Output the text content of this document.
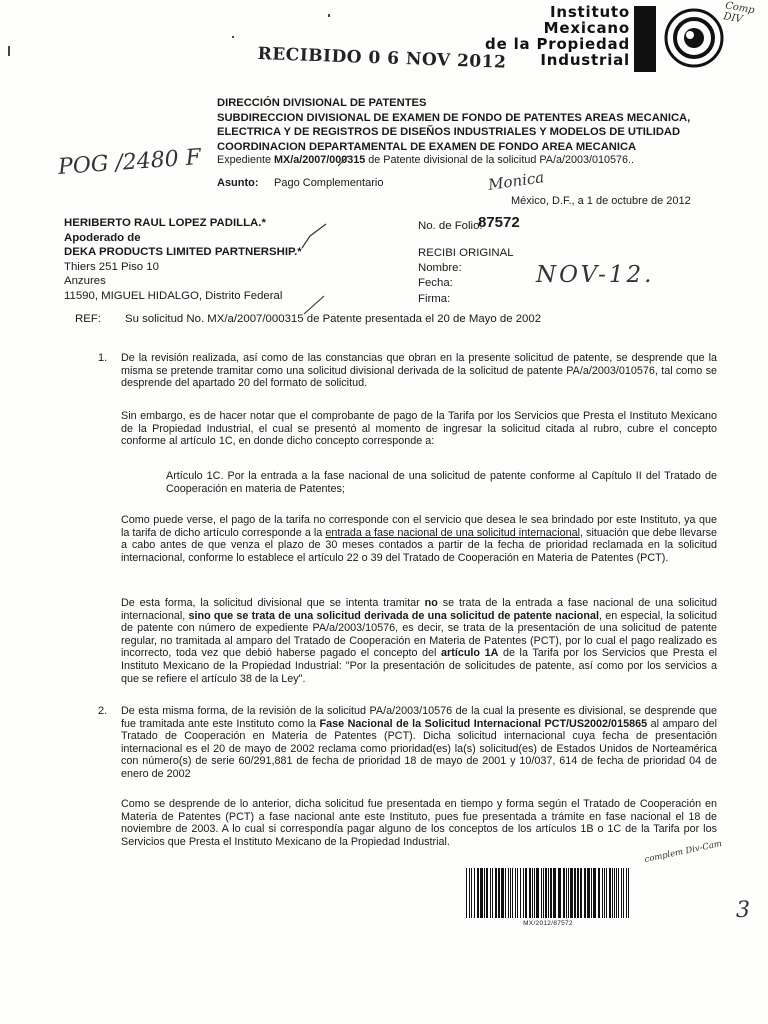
Instituto
Mexicano
de la Propiedad
Industrial
RECIBIDO 0 6 NOV 2012
DIRECCIÓN DIVISIONAL DE PATENTES
SUBDIRECCION DIVISIONAL DE EXAMEN DE FONDO DE PATENTES AREAS MECANICA,
ELECTRICA Y DE REGISTROS DE DISEÑOS INDUSTRIALES Y MODELOS DE UTILIDAD
COORDINACION DEPARTAMENTAL DE EXAMEN DE FONDO AREA MECANICA
Expediente MX/a/2007/000315 de Patente divisional de la solicitud PA/a/2003/010576..
Asunto: Pago Complementario
México, D.F., a 1 de octubre de 2012
HERIBERTO RAUL LOPEZ PADILLA.*
Apoderado de
DEKA PRODUCTS LIMITED PARTNERSHIP.*
Thiers 251 Piso 10
Anzures
11590, MIGUEL HIDALGO, Distrito Federal
No. de Folio:
87572
RECIBI ORIGINAL
Nombre:
Fecha:
Firma:
REF: Su solicitud No. MX/a/2007/000315 de Patente presentada el 20 de Mayo de 2002
1. De la revisión realizada, así como de las constancias que obran en la presente solicitud de patente, se desprende que la misma se pretende tramitar como una solicitud divisional derivada de la solicitud de patente PA/a/2003/010576, tal como se desprende del apartado 20 del formato de solicitud.
Sin embargo, es de hacer notar que el comprobante de pago de la Tarifa por los Servicios que Presta el Instituto Mexicano de la Propiedad Industrial, el cual se presentó al momento de ingresar la solicitud citada al rubro, cubre el concepto conforme al artículo 1C, en donde dicho concepto corresponde a:
Artículo 1C. Por la entrada a la fase nacional de una solicitud de patente conforme al Capítulo II del Tratado de Cooperación en materia de Patentes;
Como puede verse, el pago de la tarifa no corresponde con el servicio que desea le sea brindado por este Instituto, ya que la tarifa de dicho artículo corresponde a la entrada a fase nacional de una solicitud internacional, situación que debe llevarse a cabo antes de que venza el plazo de 30 meses contados a partir de la fecha de prioridad reclamada en la solicitud internacional, conforme lo establece el artículo 22 o 39 del Tratado de Cooperación en Materia de Patentes (PCT).
De esta forma, la solicitud divisional que se intenta tramitar no se trata de la entrada a fase nacional de una solicitud internacional, sino que se trata de una solicitud derivada de una solicitud de patente nacional, en especial, la solicitud de patente con número de expediente PA/a/2003/10576, es decir, se trata de la presentación de una solicitud de patente regular, no tramitada al amparo del Tratado de Cooperación en Materia de Patentes (PCT), por lo cual el pago realizado es incorrecto, toda vez que debió haberse pagado el concepto del artículo 1A de la Tarifa por los Servicios que Presta el Instituto Mexicano de la Propiedad Industrial: "Por la presentación de solicitudes de patente, así como por los servicios a que se refiere el artículo 38 de la Ley".
2. De esta misma forma, de la revisión de la solicitud PA/a/2003/10576 de la cual la presente es divisional, se desprende que fue tramitada ante este Instituto como la Fase Nacional de la Solicitud Internacional PCT/US2002/015865 al amparo del Tratado de Cooperación en Materia de Patentes (PCT). Dicha solicitud internacional cuya fecha de presentación internacional es el 20 de mayo de 2002 reclama como prioridad(es) la(s) solicitud(es) de Estados Unidos de Norteamérica con número(s) de serie 60/291,881 de fecha de prioridad 18 de mayo de 2001 y 10/037, 614 de fecha de prioridad 04 de enero de 2002
Como se desprende de lo anterior, dicha solicitud fue presentada en tiempo y forma según el Tratado de Cooperación en Materia de Patentes (PCT) a fase nacional ante este Instituto, pues fue presentada a trámite en fase nacional el 18 de noviembre de 2003. A lo cual si correspondía pagar alguno de los conceptos de los artículos 1B o 1C de la Tarifa por los Servicios que Presta el Instituto Mexicano de la Propiedad Industrial.
POG /2480 F
Monica
NOV-12.
Comp DIV
complem Div-Cam
3
MX/2012/87572
